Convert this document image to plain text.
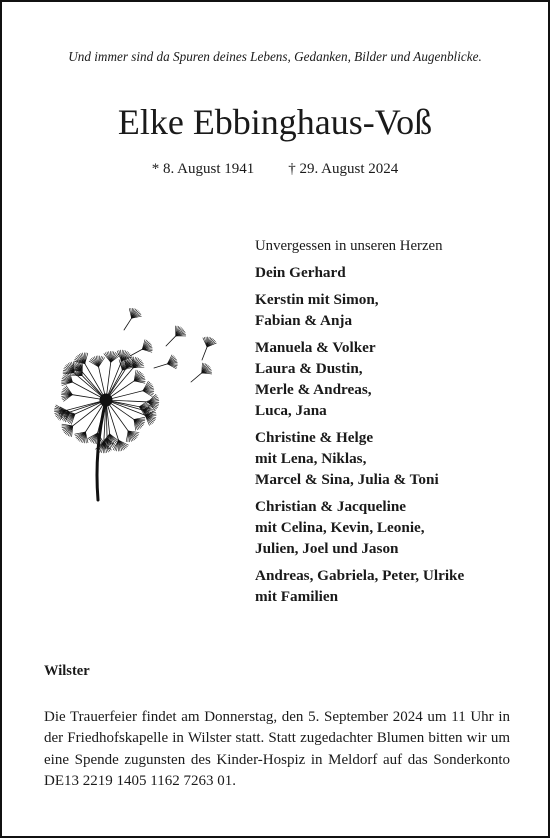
Und immer sind da Spuren deines Lebens, Gedanken, Bilder und Augenblicke.
Elke Ebbinghaus-Voß
* 8. August 1941 † 29. August 2024
Unvergessen in unseren Herzen
Dein Gerhard
Kerstin mit Simon,
Fabian & Anja
Manuela & Volker
Laura & Dustin,
Merle & Andreas,
Luca, Jana
Christine & Helge
mit Lena, Niklas,
Marcel & Sina, Julia & Toni
Christian & Jacqueline
mit Celina, Kevin, Leonie,
Julien, Joel und Jason
Andreas, Gabriela, Peter, Ulrike
mit Familien
Wilster
Die Trauerfeier findet am Donnerstag, den 5. September 2024 um 11 Uhr in der Friedhofskapelle in Wilster statt. Statt zugedachter Blumen bitten wir um eine Spende zugunsten des Kinder-Hospiz in Meldorf auf das Sonderkonto DE13 2219 1405 1162 7263 01.
